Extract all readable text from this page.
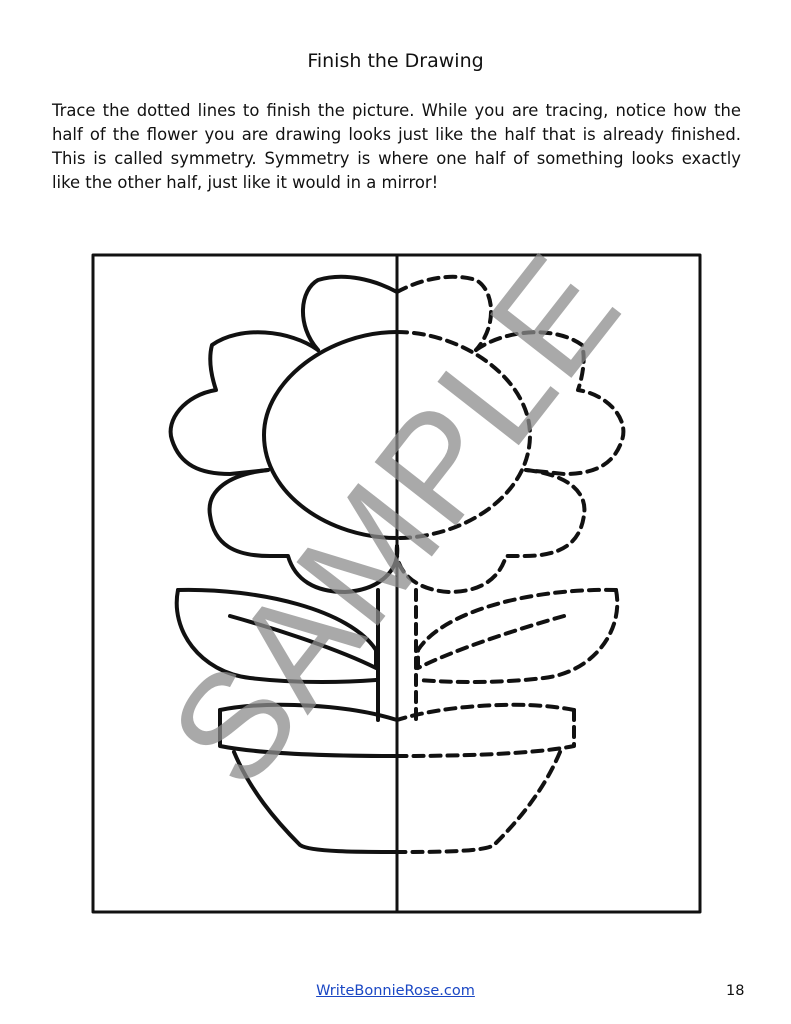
Finish the Drawing
Trace the dotted lines to finish the picture. While you are tracing, notice how the half of the flower you are drawing looks just like the half that is already finished. This is called symmetry. Symmetry is where one half of something looks exactly like the other half, just like it would in a mirror!
SAMPLE
WriteBonnieRose.com	18
